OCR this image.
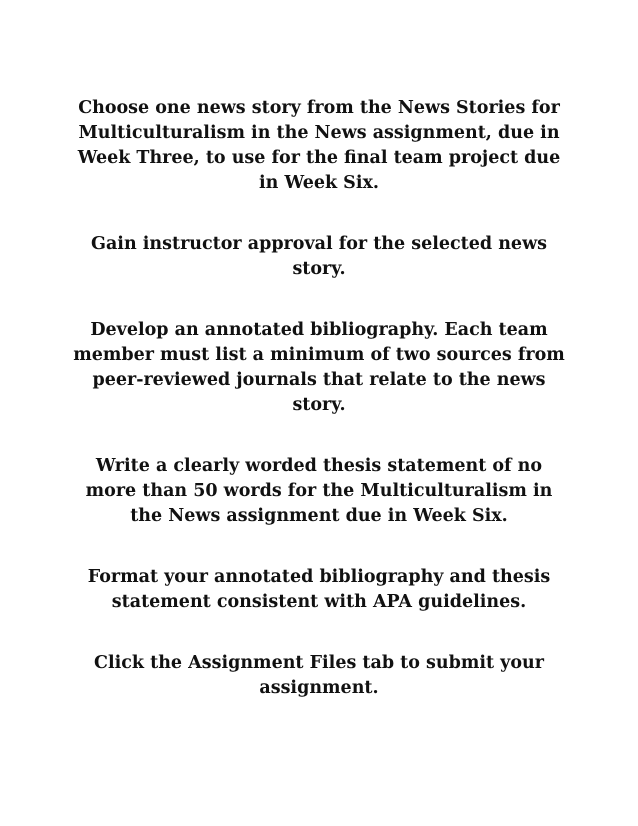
Choose one news story from the News Stories for Multiculturalism in the News assignment, due in Week Three, to use for the final team project due in Week Six.

Gain instructor approval for the selected news story.

Develop an annotated bibliography. Each team member must list a minimum of two sources from peer-reviewed journals that relate to the news story.

Write a clearly worded thesis statement of no more than 50 words for the Multiculturalism in the News assignment due in Week Six.

Format your annotated bibliography and thesis statement consistent with APA guidelines.

Click the Assignment Files tab to submit your assignment.
